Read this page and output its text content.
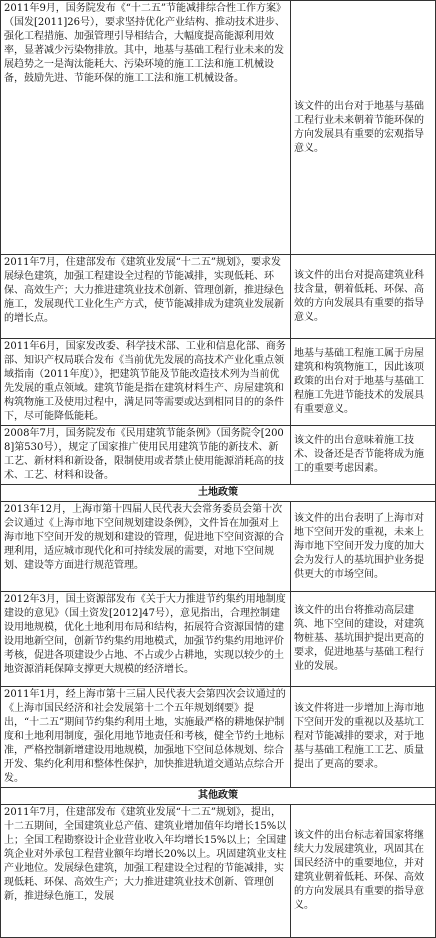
2011年9月，国务院发布《“十二五”节能减排综合性工作方案》（国发[2011]26号），要求坚持优化产业结构、推动技术进步、强化工程措施、加强管理引导相结合，大幅度提高能源利用效率，显著减少污染物排放。其中，地基与基础工程行业未来的发展趋势之一是淘汰能耗大、污染环境的施工工法和施工机械设备，鼓励先进、节能环保的施工工法和施工机械设备。	该文件的出台对于地基与基础工程行业未来朝着节能环保的方向发展具有重要的宏观指导意义。
2011年7月，住建部发布《建筑业发展“十二五”规划》，要求发展绿色建筑，加强工程建设全过程的节能减排，实现低耗、环保、高效生产；大力推进建筑业技术创新、管理创新，推进绿色施工，发展现代工业化生产方式，使节能减排成为建筑业发展新的增长点。	该文件的出台对提高建筑业科技含量，朝着低耗、环保、高效的方向发展具有重要的指导意义。
2011年6月，国家发改委、科学技术部、工业和信息化部、商务部、知识产权局联合发布《当前优先发展的高技术产业化重点领域指南（2011年度）》，把建筑节能及节能改造技术列为当前优先发展的重点领域。建筑节能是指在建筑材料生产、房屋建筑和构筑物施工及使用过程中，满足同等需要或达到相同目的的条件下，尽可能降低能耗。	地基与基础工程施工属于房屋建筑和构筑物施工，因此该项政策的出台对于地基与基础工程施工先进节能技术的发展具有重要意义。
2008年7月，国务院发布《民用建筑节能条例》（国务院令[2008]第530号），规定了国家推广使用民用建筑节能的新技术、新工艺、新材料和新设备，限制使用或者禁止使用能源消耗高的技术、工艺、材料和设备。	该文件的出台意味着施工技术、设备还是否节能将成为施工的重要考虑因素。
土地政策	
2013年12月，上海市第十四届人民代表大会常务委员会第十次会议通过《上海市地下空间规划建设条例》，文件旨在加强对上海市地下空间开发的规划和建设的管理，促进地下空间资源的合理利用，适应城市现代化和可持续发展的需要，对地下空间规划、建设等方面进行规范管理。	该文件的出台表明了上海市对地下空间开发的重视，未来上海市地下空间开发力度的加大会为发行人的基坑围护业务提供更大的市场空间。
2012年3月，国土资源部发布《关于大力推进节约集约用地制度建设的意见》（国土资发[2012]47号），意见指出，合理控制建设用地规模，优化土地利用布局和结构，拓展符合资源国情的建设用地新空间，创新节约集约用地模式，加强节约集约用地评价考核，促进各项建设少占地、不占或少占耕地，实现以较少的土地资源消耗保障支撑更大规模的经济增长。	该文件的出台将推动高层建筑、地下空间的建设，对建筑物桩基、基坑围护提出更高的要求，促进地基与基础工程行业的发展。
2011年1月，经上海市第十三届人民代表大会第四次会议通过的《上海市国民经济和社会发展第十二个五年规划纲要》提出，“十二五”期间节约集约利用土地，实施最严格的耕地保护制度和土地利用制度，强化用地节地责任和考核，健全节约土地标准，严格控制新增建设用地规模，加强地下空间总体规划、综合开发、集约化利用和整体性保护，加快推进轨道交通站点综合开发。	该文件将进一步增加上海市地下空间开发的重视以及基坑工程对节能减排的要求，对于地基与基础工程施工工艺、质量提出了更高的要求。
其他政策	
2011年7月，住建部发布《建筑业发展“十二五”规划》，提出，十二五期间，全国建筑业总产值、建筑业增加值年均增长15%以上；全国工程勘察设计企业营业收入年均增长15%以上；全国建筑企业对外承包工程营业额年均增长20%以上。巩固建筑业支柱产业地位。发展绿色建筑，加强工程建设全过程的节能减排，实现低耗、环保、高效生产；大力推进建筑业技术创新、管理创新，推进绿色施工，发展	该文件的出台标志着国家将继续大力发展建筑业，巩固其在国民经济中的重要地位，并对建筑业朝着低耗、环保、高效的方向发展具有重要的指导意义。
